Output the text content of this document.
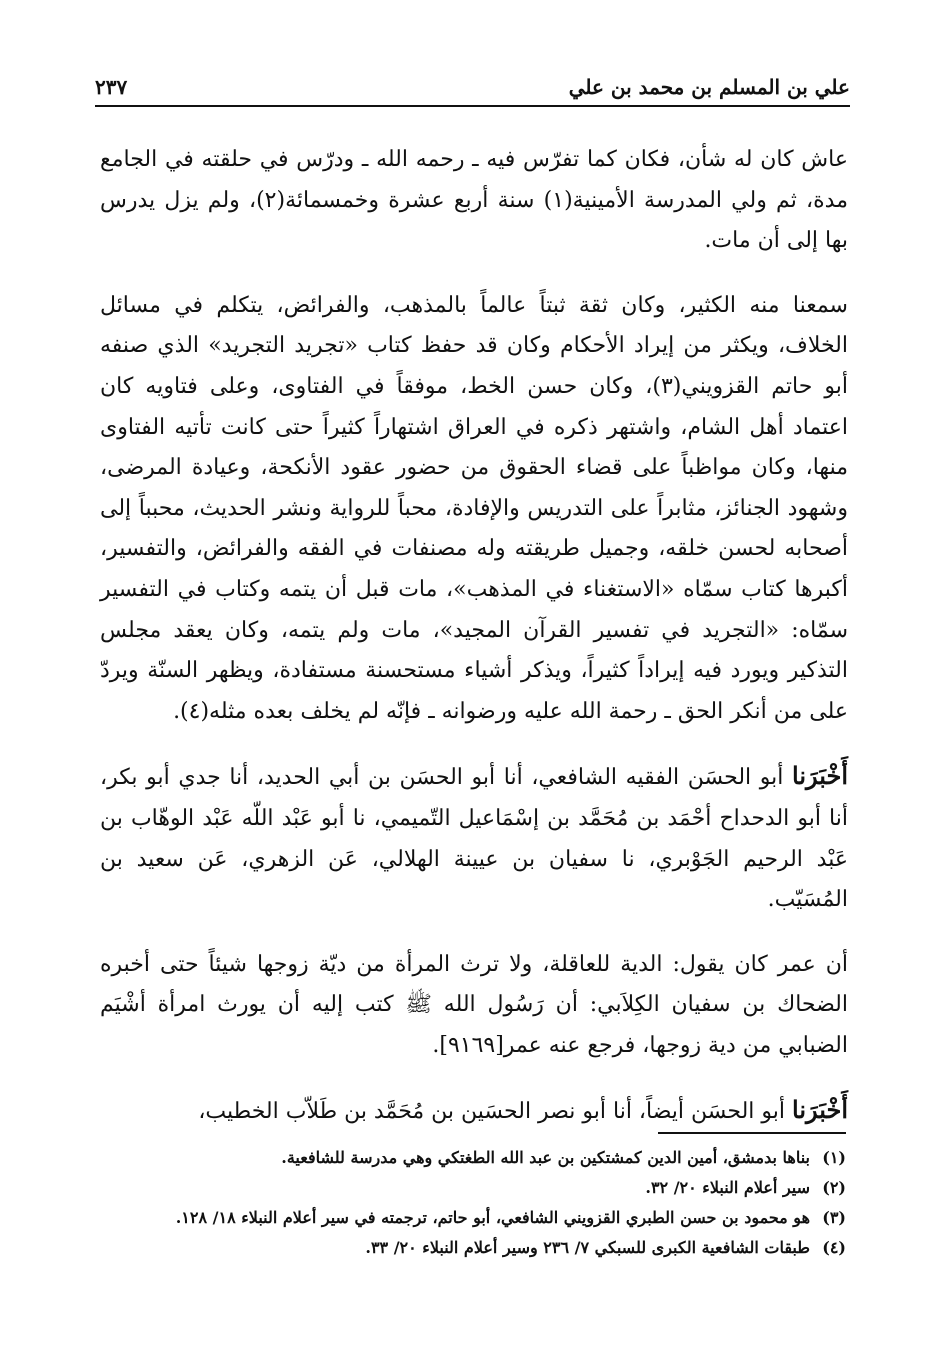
علي بن المسلم بن محمد بن علي
٢٣٧

عاش كان له شأن، فكان كما تفرّس فيه ـ رحمه الله ـ ودرّس في حلقته في الجامع مدة، ثم ولي المدرسة الأمينية(١) سنة أربع عشرة وخمسمائة(٢)، ولم يزل يدرس بها إلى أن مات.

سمعنا منه الكثير، وكان ثقة ثبتاً عالماً بالمذهب، والفرائض، يتكلم في مسائل الخلاف، ويكثر من إيراد الأحكام وكان قد حفظ كتاب «تجريد التجريد» الذي صنفه أبو حاتم القزويني(٣)، وكان حسن الخط، موفقاً في الفتاوى، وعلى فتاويه كان اعتماد أهل الشام، واشتهر ذكره في العراق اشتهاراً كثيراً حتى كانت تأتيه الفتاوى منها، وكان مواظباً على قضاء الحقوق من حضور عقود الأنكحة، وعيادة المرضى، وشهود الجنائز، مثابراً على التدريس والإفادة، محباً للرواية ونشر الحديث، محبباً إلى أصحابه لحسن خلقه، وجميل طريقته وله مصنفات في الفقه والفرائض، والتفسير، أكبرها كتاب سمّاه «الاستغناء في المذهب»، مات قبل أن يتمه وكتاب في التفسير سمّاه: «التجريد في تفسير القرآن المجيد»، مات ولم يتمه، وكان يعقد مجلس التذكير ويورد فيه إيراداً كثيراً، ويذكر أشياء مستحسنة مستفادة، ويظهر السنّة ويردّ على من أنكر الحق ـ رحمة الله عليه ورضوانه ـ فإنّه لم يخلف بعده مثله(٤).

أَخْبَرَنا أبو الحسَن الفقيه الشافعي، أنا أبو الحسَن بن أبي الحديد، أنا جدي أبو بكر، أنا أبو الدحداح أحْمَد بن مُحَمَّد بن إسْمَاعيل التّميمي، نا أبو عَبْد اللّه عَبْد الوهّاب بن عَبْد الرحيم الجَوْبري، نا سفيان بن عيينة الهلالي، عَن الزهري، عَن سعيد بن المُسَيّب.

أن عمر كان يقول: الدية للعاقلة، ولا ترث المرأة من ديّة زوجها شيئاً حتى أخبره الضحاك بن سفيان الكِلاَبي: أن رَسُول الله ﷺ كتب إليه أن يورث امرأة أشْيَم الضبابي من دية زوجها، فرجع عنه عمر[٩١٦٩].

أَخْبَرَنا أبو الحسَن أيضاً، أنا أبو نصر الحسَين بن مُحَمَّد بن طَلاّب الخطيب،

(١)
بناها بدمشق، أمين الدين كمشتكين بن عبد الله الطغتكي وهي مدرسة للشافعية.
(٢)
سير أعلام النبلاء ٢٠/ ٣٢.
(٣)
هو محمود بن حسن الطبري القزويني الشافعي، أبو حاتم، ترجمته في سير أعلام النبلاء ١٨/ ١٢٨.
(٤)
طبقات الشافعية الكبرى للسبكي ٧/ ٢٣٦ وسير أعلام النبلاء ٢٠/ ٣٣.
